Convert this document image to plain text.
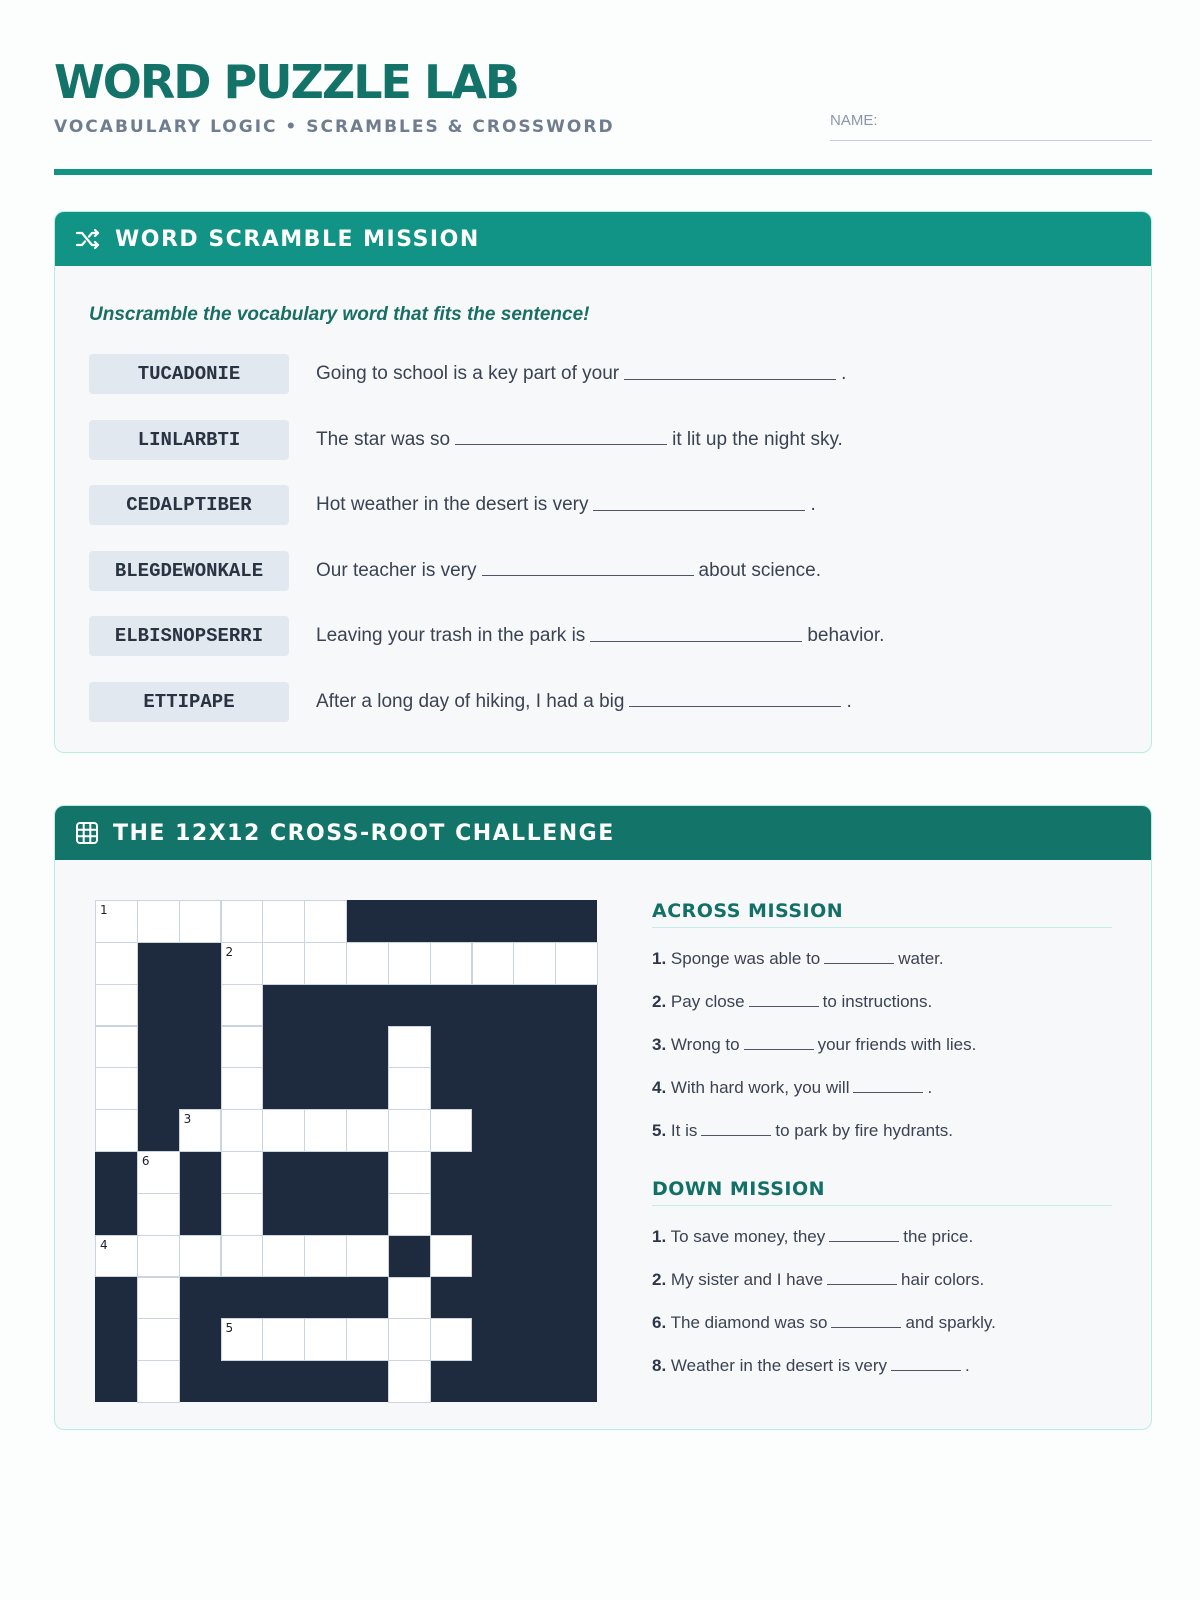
WORD PUZZLE LAB
VOCABULARY LOGIC • SCRAMBLES & CROSSWORD	NAME:
WORD SCRAMBLE MISSION
Unscramble the vocabulary word that fits the sentence!
TUCADONIE	Going to school is a key part of your	.
LINLARBTI	The star was so	it lit up the night sky.
CEDALPTIBER	Hot weather in the desert is very	.
BLEGDEWONKALE	Our teacher is very	about science.
ELBISNOPSERRI	Leaving your trash in the park is	behavior.
ETTIPAPE	After a long day of hiking, I had a big	.
THE 12X12 CROSS-ROOT CHALLENGE
1
2
3
6
4
5
ACROSS MISSION
1. Sponge was able to	water.
2. Pay close	to instructions.
3. Wrong to	your friends with lies.
4. With hard work, you will	.
5. It is	to park by fire hydrants.
DOWN MISSION
1. To save money, they	the price.
2. My sister and I have	hair colors.
6. The diamond was so	and sparkly.
8. Weather in the desert is very	.
